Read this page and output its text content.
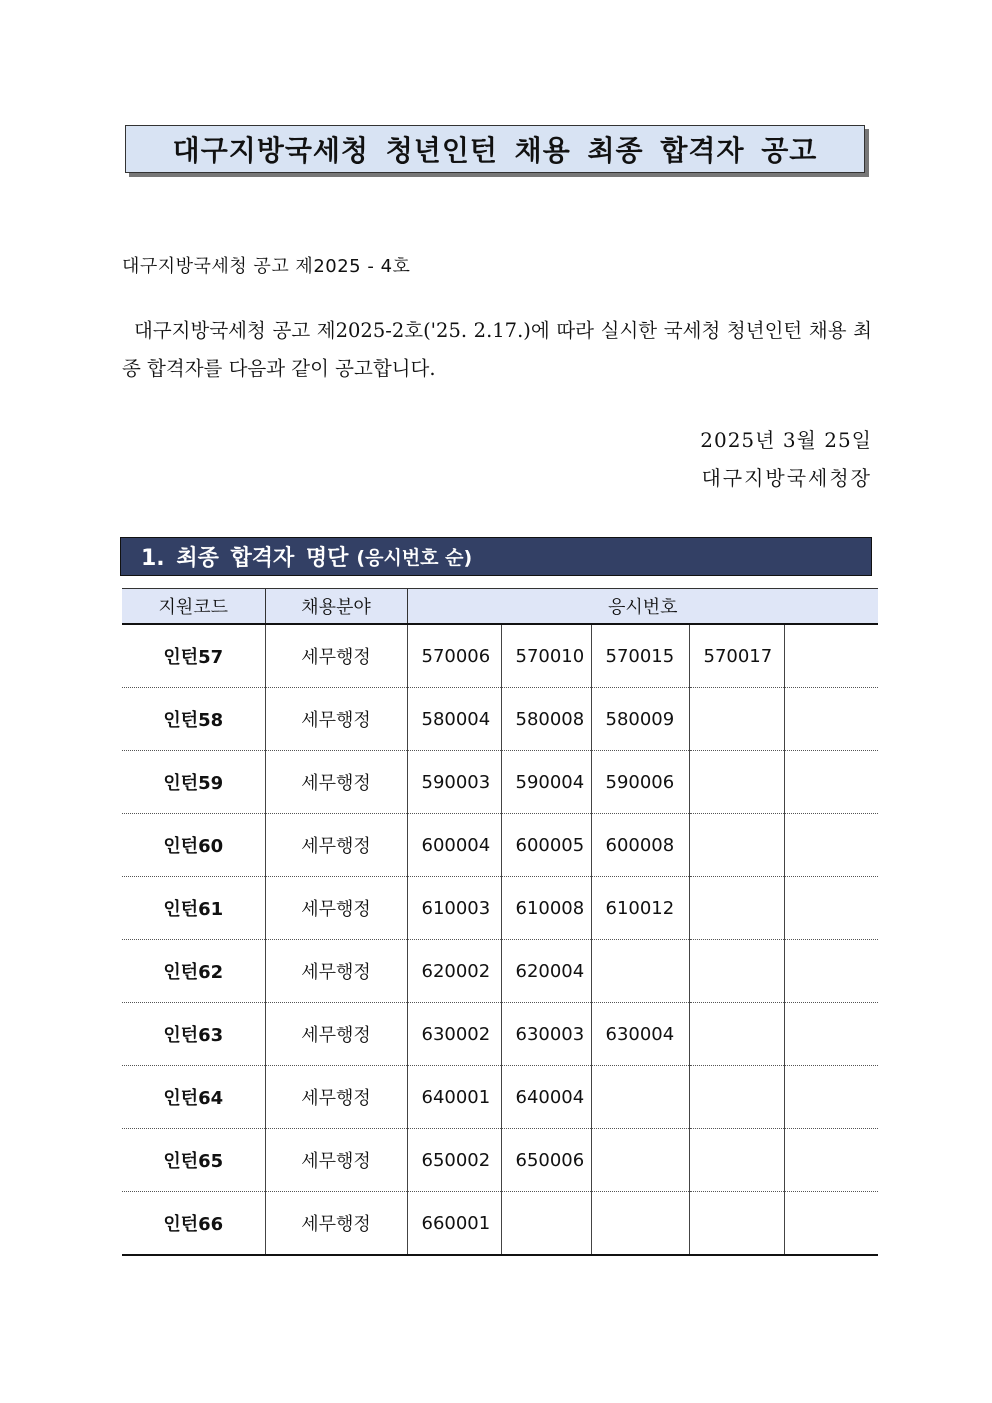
대구지방국세청 청년인턴 채용 최종 합격자 공고
대구지방국세청 공고 제2025 - 4호
대구지방국세청 공고 제2025-2호('25. 2.17.)에 따라 실시한 국세청 청년인턴 채용 최종 합격자를 다음과 같이 공고합니다.
2025년 3월 25일
대구지방국세청장
1. 최종 합격자 명단 (응시번호 순)
지원코드	채용분야	응시번호				
인턴57	세무행정	570006	570010	570015	570017	
인턴58	세무행정	580004	580008	580009		
인턴59	세무행정	590003	590004	590006		
인턴60	세무행정	600004	600005	600008		
인턴61	세무행정	610003	610008	610012		
인턴62	세무행정	620002	620004			
인턴63	세무행정	630002	630003	630004		
인턴64	세무행정	640001	640004			
인턴65	세무행정	650002	650006			
인턴66	세무행정	660001				
